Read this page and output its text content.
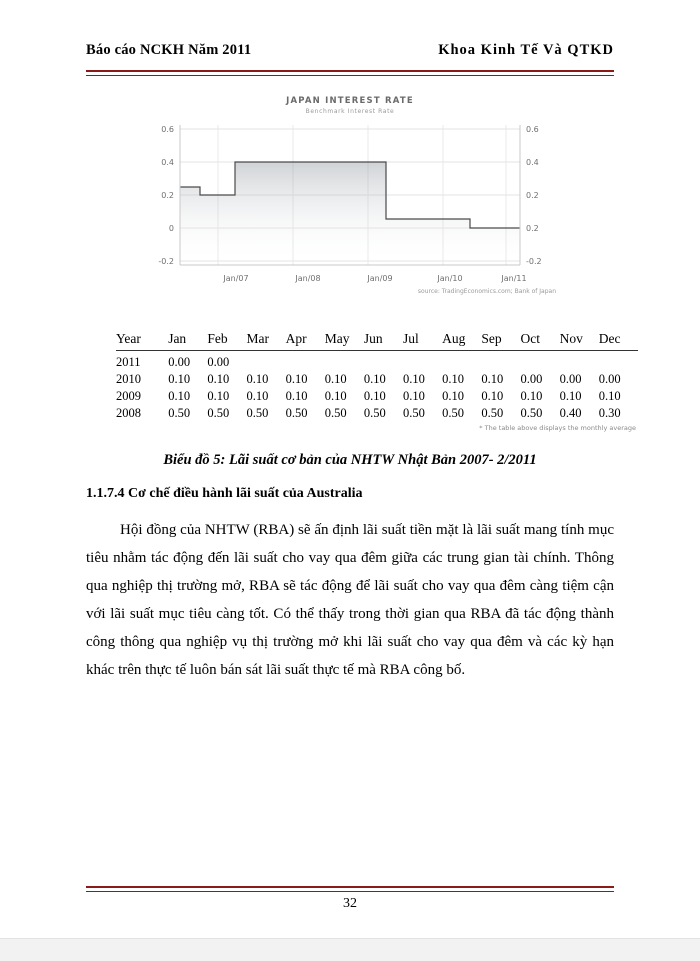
Báo cáo NCKH Năm 2011	Khoa Kinh Tế Và QTKD
JAPAN INTEREST RATE
Benchmark Interest Rate
0.6
0.4
0.2
0
-0.2
0.6
0.4
0.2
0.2
-0.2
Jan/07	Jan/08	Jan/09	Jan/10	Jan/11
source: TradingEconomics.com; Bank of Japan
Year	Jan	Feb	Mar	Apr	May	Jun	Jul	Aug	Sep	Oct	Nov	Dec
2011	0.00	0.00										
2010	0.10	0.10	0.10	0.10	0.10	0.10	0.10	0.10	0.10	0.00	0.00	0.00
2009	0.10	0.10	0.10	0.10	0.10	0.10	0.10	0.10	0.10	0.10	0.10	0.10
2008	0.50	0.50	0.50	0.50	0.50	0.50	0.50	0.50	0.50	0.50	0.40	0.30
* The table above displays the monthly average
Biểu đồ 5: Lãi suất cơ bản của NHTW Nhật Bản 2007- 2/2011
1.1.7.4 Cơ chế điều hành lãi suất của Australia
Hội đồng của NHTW (RBA) sẽ ấn định lãi suất tiền mặt là lãi suất mang tính mục tiêu nhằm tác động đến lãi suất cho vay qua đêm giữa các trung gian tài chính. Thông qua nghiệp thị trường mở, RBA sẽ tác động để lãi suất cho vay qua đêm càng tiệm cận với lãi suất mục tiêu càng tốt. Có thể thấy trong thời gian qua RBA đã tác động thành công thông qua nghiệp vụ thị trường mở khi lãi suất cho vay qua đêm và các kỳ hạn khác trên thực tế luôn bán sát lãi suất thực tế mà RBA công bố.
32
